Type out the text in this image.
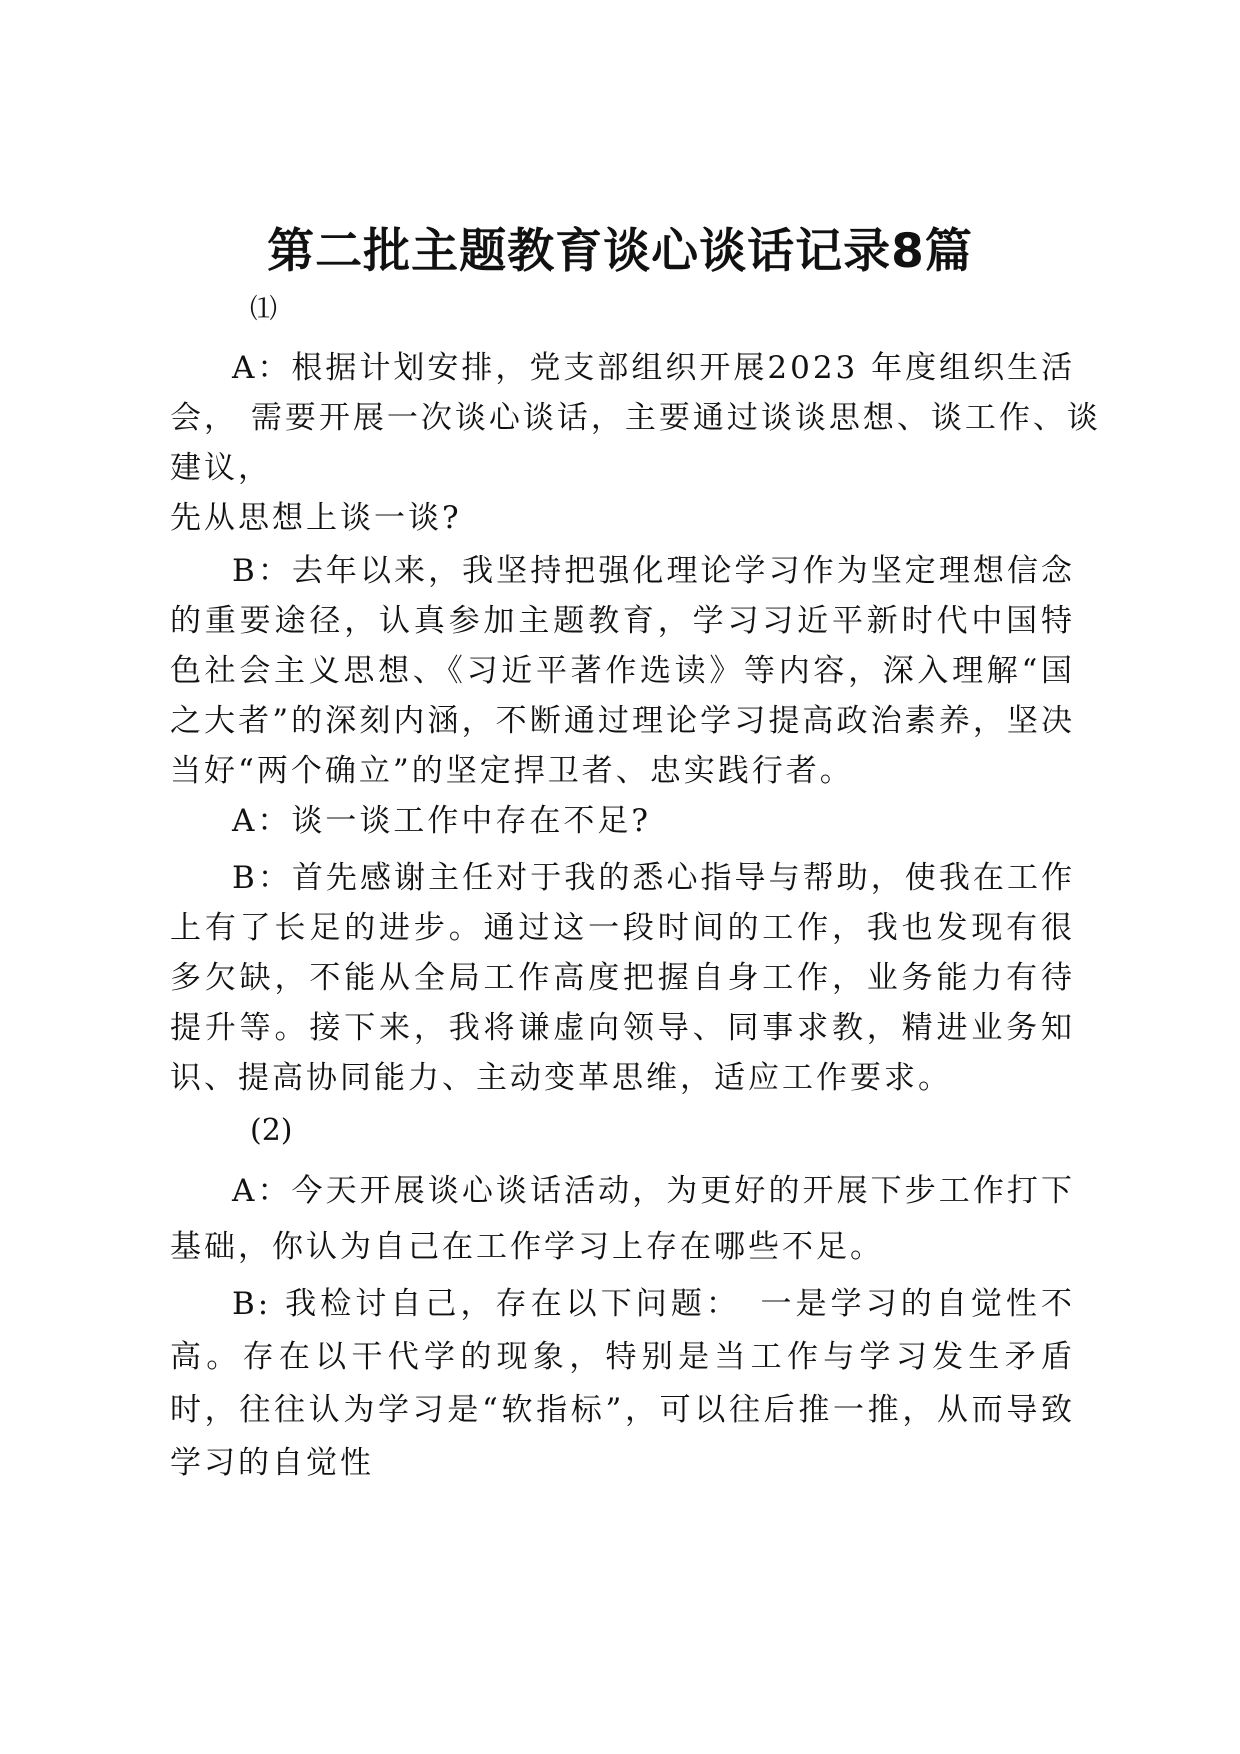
第二批主题教育谈心谈话记录8篇
⑴
A：根据计划安排，党支部组织开展2023 年度组织生活
会， 需要开展一次谈心谈话，主要通过谈谈思想、谈工作、谈
建议，
先从思想上谈一谈?

B：去年以来，我坚持把强化理论学习作为坚定理想信念的重要途径，认真参加主题教育，学习习近平新时代中国特色社会主义思想、《习近平著作选读》等内容，深入理解“国之大者”的深刻内涵，不断通过理论学习提高政治素养，坚决当好“两个确立”的坚定捍卫者、忠实践行者。

A：谈一谈工作中存在不足?

B：首先感谢主任对于我的悉心指导与帮助，使我在工作上有了长足的进步。通过这一段时间的工作，我也发现有很多欠缺，不能从全局工作高度把握自身工作，业务能力有待提升等。接下来，我将谦虚向领导、同事求教，精进业务知识、提高协同能力、主动变革思维，适应工作要求。

(2)

A：今天开展谈心谈话活动，为更好的开展下步工作打下基础，你认为自己在工作学习上存在哪些不足。

B: 我检讨自己，存在以下问题：　一是学习的自觉性不高。存在以干代学的现象，特别是当工作与学习发生矛盾时，往往认为学习是“软指标”，可以往后推一推，从而导致学习的自觉性
